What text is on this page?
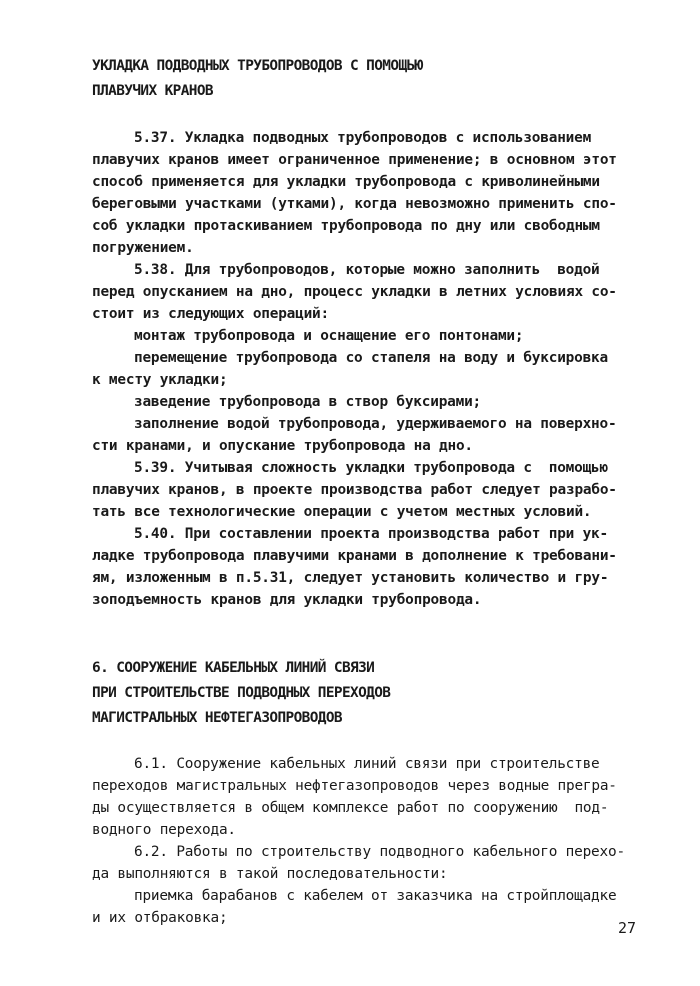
УКЛАДКА ПОДВОДНЫХ ТРУБОПРОВОДОВ С ПОМОЩЬЮ
ПЛАВУЧИХ КРАНОВ
5.37. Укладка подводных трубопроводов с использованием
плавучих кранов имеет ограниченное применение; в основном этот
способ применяется для укладки трубопровода с криволинейными
береговыми участками (утками), когда невозможно применить спо-
соб укладки протаскиванием трубопровода по дну или свободным
погружением.
5.38. Для трубопроводов, которые можно заполнить  водой
перед опусканием на дно, процесс укладки в летних условиях со-
стоит из следующих операций:
монтаж трубопровода и оснащение его понтонами;
перемещение трубопровода со стапеля на воду и буксировка
к месту укладки;
заведение трубопровода в створ буксирами;
заполнение водой трубопровода, удерживаемого на поверхно-
сти кранами, и опускание трубопровода на дно.
5.39. Учитывая сложность укладки трубопровода с  помощью
плавучих кранов, в проекте производства работ следует разрабо-
тать все технологические операции с учетом местных условий.
5.40. При составлении проекта производства работ при ук-
ладке трубопровода плавучими кранами в дополнение к требовани-
ям, изложенным в п.5.31, следует установить количество и гру-
зоподъемность кранов для укладки трубопровода.
6. СООРУЖЕНИЕ КАБЕЛЬНЫХ ЛИНИЙ СВЯЗИ
ПРИ СТРОИТЕЛЬСТВЕ ПОДВОДНЫХ ПЕРЕХОДОВ
МАГИСТРАЛЬНЫХ НЕФТЕГАЗОПРОВОДОВ
6.1. Сооружение кабельных линий связи при строительстве
переходов магистральных нефтегазопроводов через водные прегра-
ды осуществляется в общем комплексе работ по сооружению  под-
водного перехода.
6.2. Работы по строительству подводного кабельного перехо-
да выполняются в такой последовательности:
приемка барабанов с кабелем от заказчика на стройплощадке
и их отбраковка;
27
